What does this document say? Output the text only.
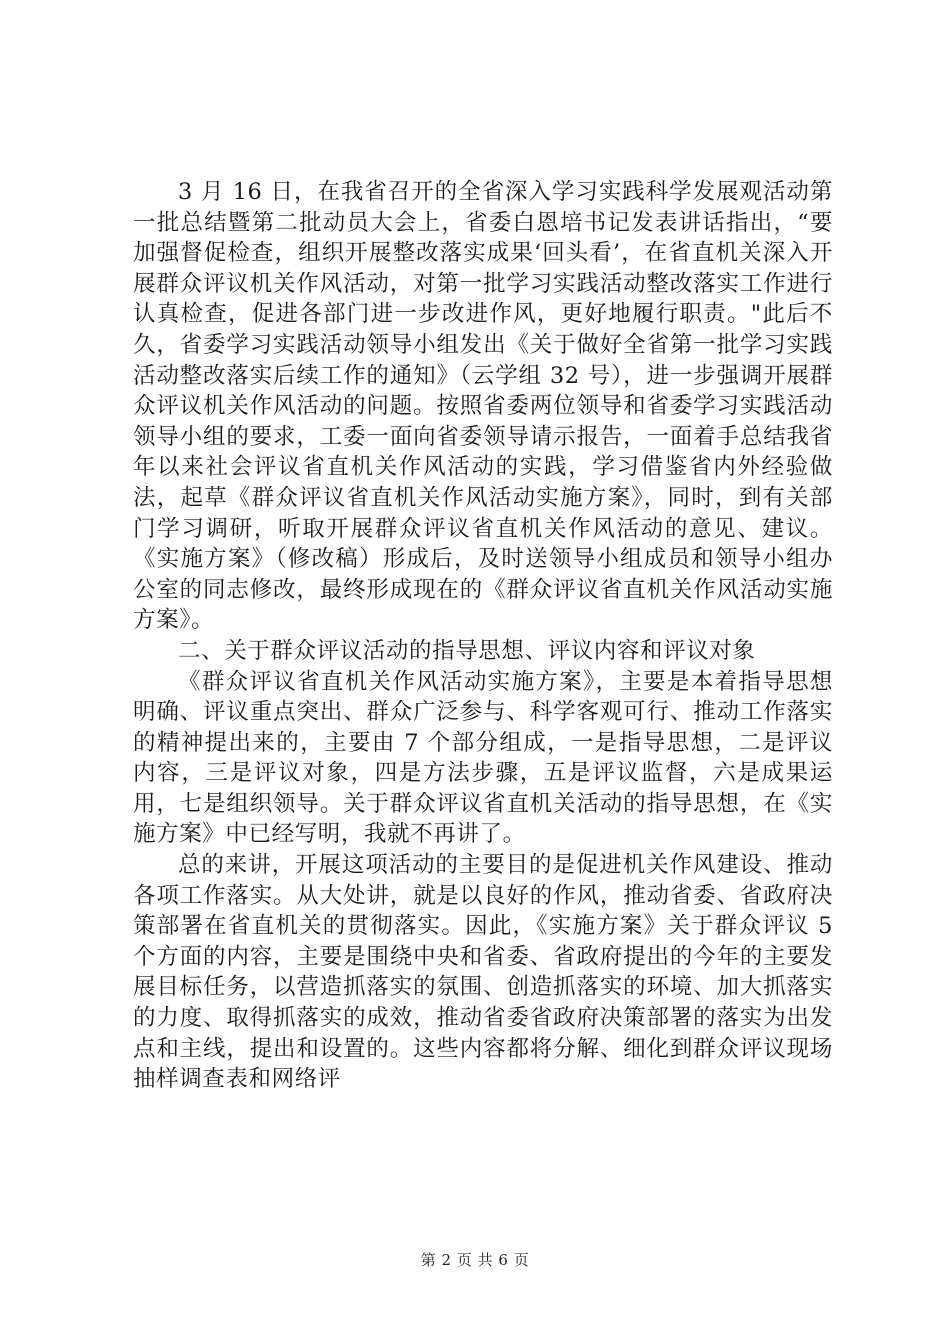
3 月 16 日，在我省召开的全省深入学习实践科学发展观活动第一批总结暨第二批动员大会上，省委白恩培书记发表讲话指出，“要加强督促检查，组织开展整改落实成果‘回头看’，在省直机关深入开展群众评议机关作风活动，对第一批学习实践活动整改落实工作进行认真检查，促进各部门进一步改进作风，更好地履行职责。"此后不久，省委学习实践活动领导小组发出《关于做好全省第一批学习实践活动整改落实后续工作的通知》（云学组 32 号），进一步强调开展群众评议机关作风活动的问题。按照省委两位领导和省委学习实践活动领导小组的要求，工委一面向省委领导请示报告，一面着手总结我省年以来社会评议省直机关作风活动的实践，学习借鉴省内外经验做法，起草《群众评议省直机关作风活动实施方案》，同时，到有关部门学习调研，听取开展群众评议省直机关作风活动的意见、建议。《实施方案》（修改稿）形成后，及时送领导小组成员和领导小组办公室的同志修改，最终形成现在的《群众评议省直机关作风活动实施方案》。

二、关于群众评议活动的指导思想、评议内容和评议对象

《群众评议省直机关作风活动实施方案》，主要是本着指导思想明确、评议重点突出、群众广泛参与、科学客观可行、推动工作落实的精神提出来的，主要由 7 个部分组成，一是指导思想，二是评议内容，三是评议对象，四是方法步骤，五是评议监督，六是成果运用，七是组织领导。关于群众评议省直机关活动的指导思想，在《实施方案》中已经写明，我就不再讲了。

总的来讲，开展这项活动的主要目的是促进机关作风建设、推动各项工作落实。从大处讲，就是以良好的作风，推动省委、省政府决策部署在省直机关的贯彻落实。因此，《实施方案》关于群众评议 5 个方面的内容，主要是围绕中央和省委、省政府提出的今年的主要发展目标任务，以营造抓落实的氛围、创造抓落实的环境、加大抓落实的力度、取得抓落实的成效，推动省委省政府决策部署的落实为出发点和主线，提出和设置的。这些内容都将分解、细化到群众评议现场抽样调查表和网络评

第 2 页 共 6 页
